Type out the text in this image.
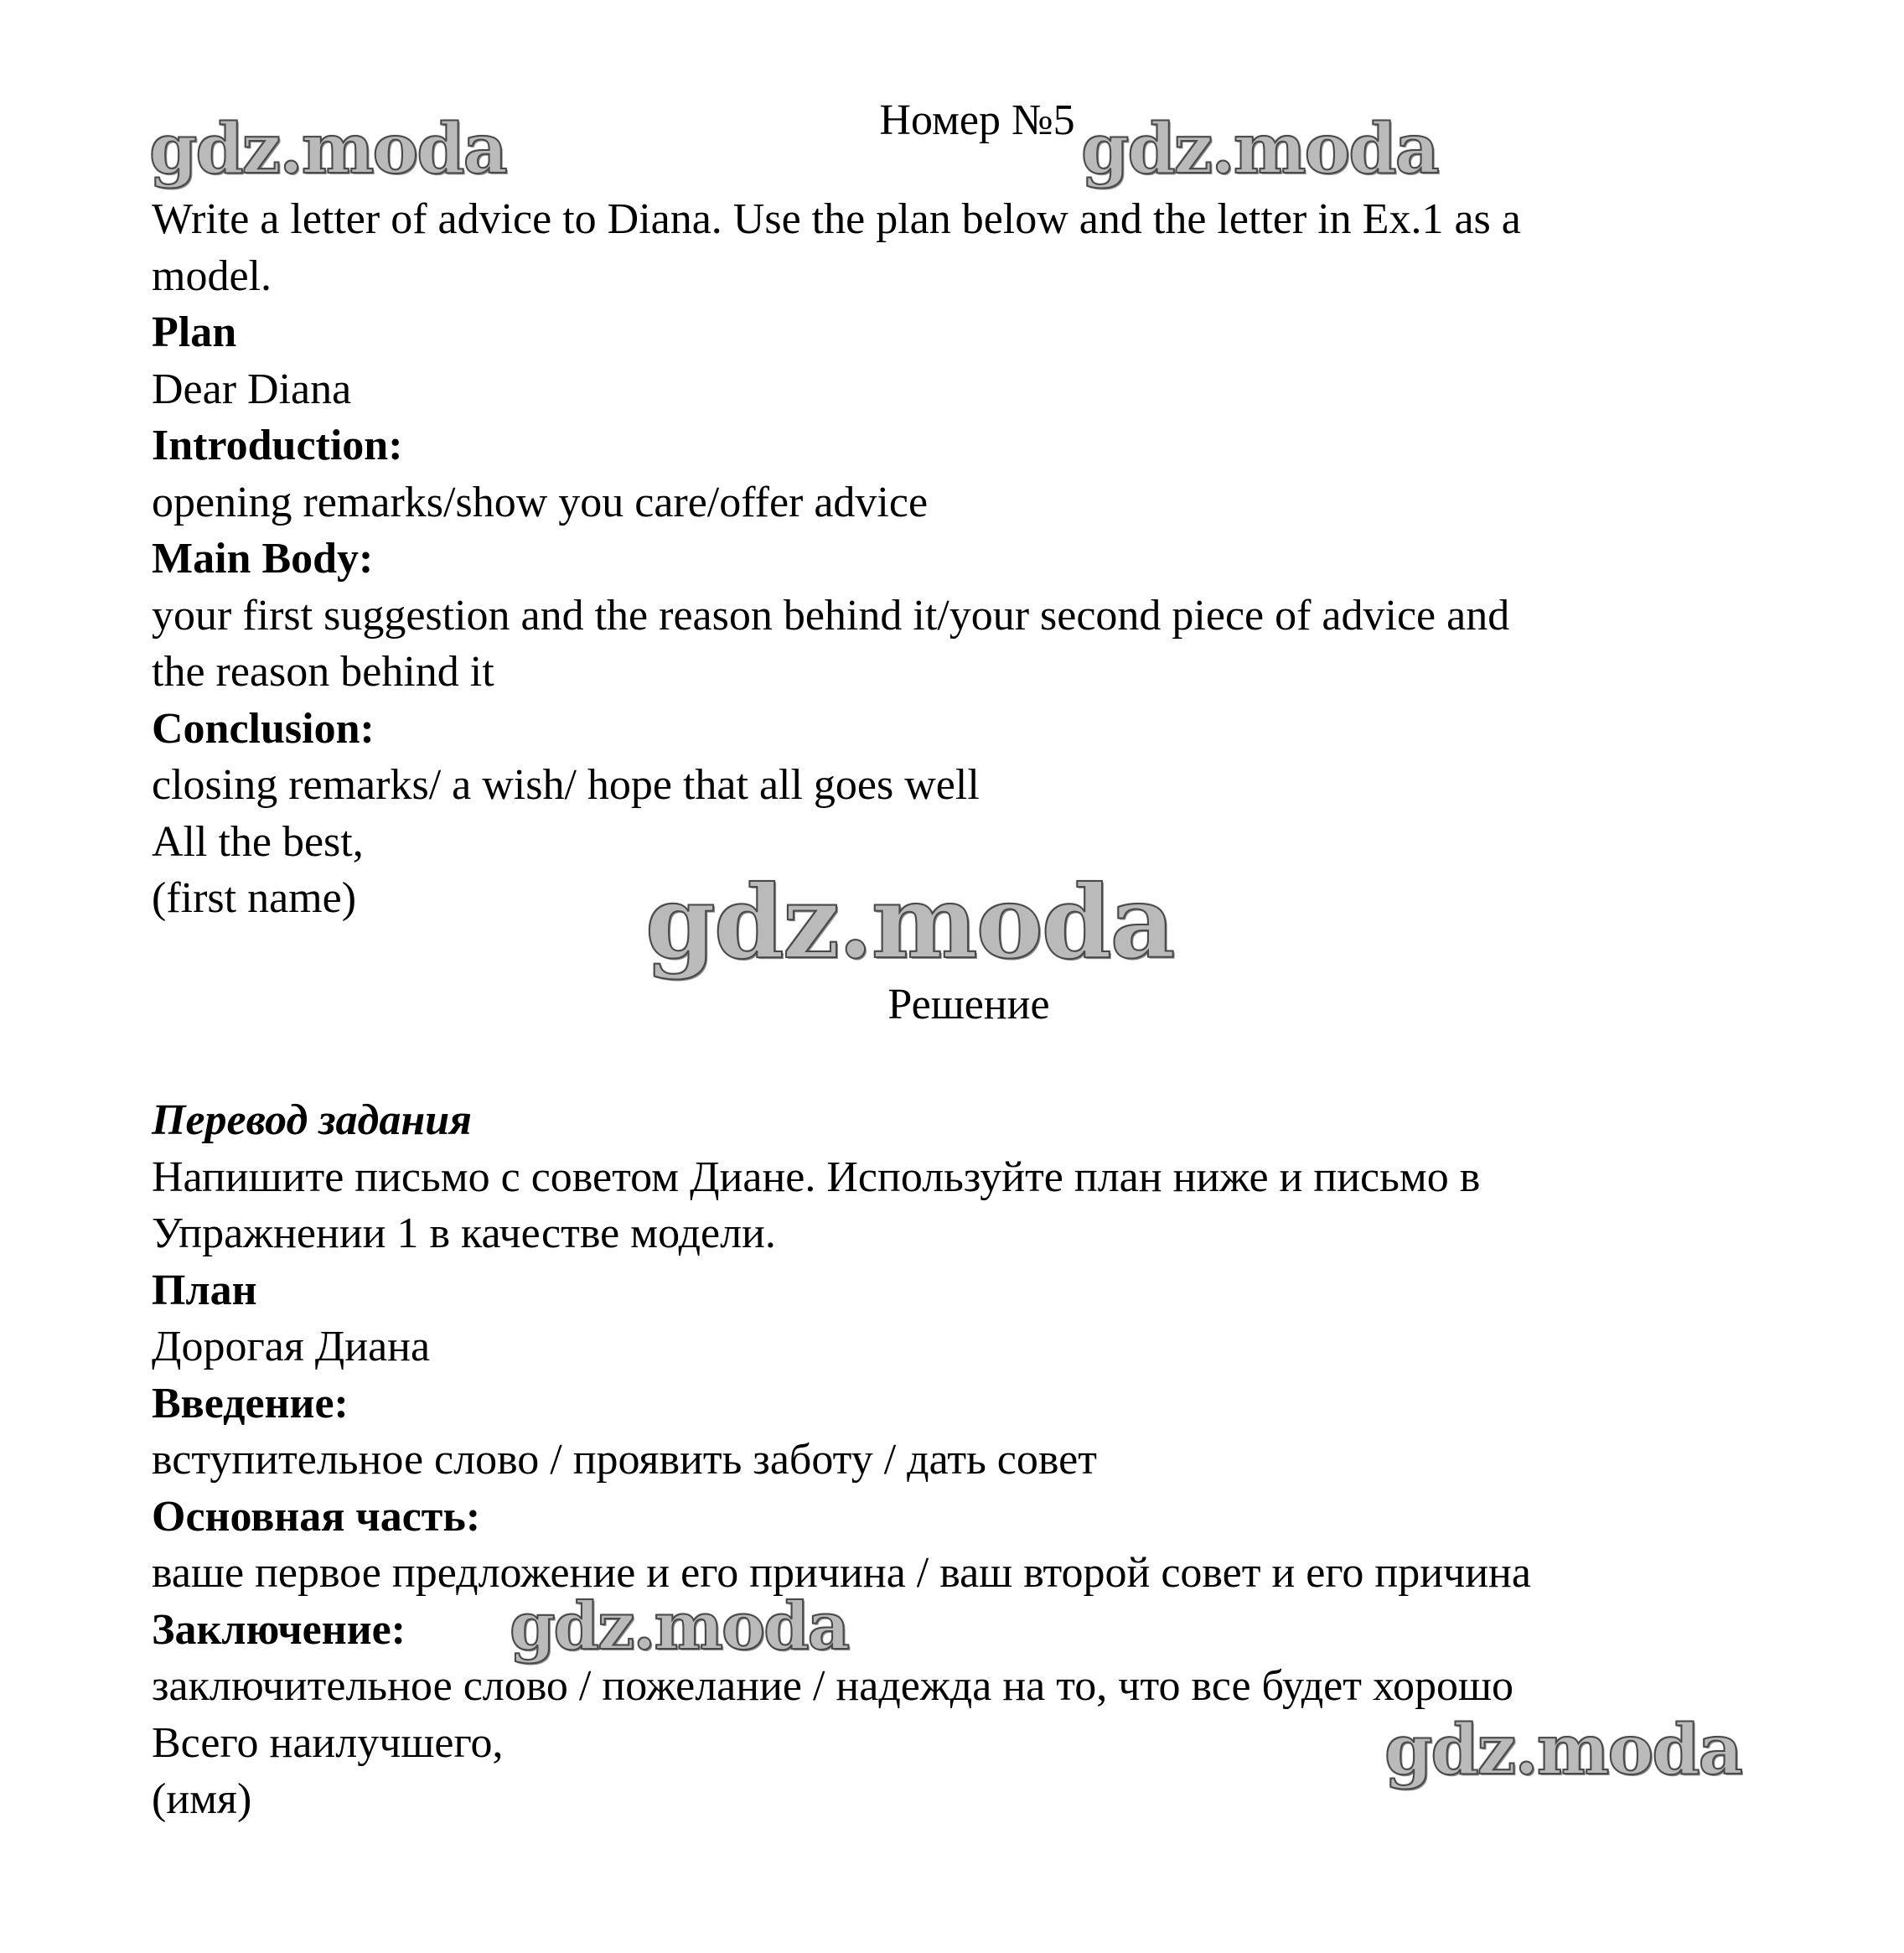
Номер №5

Write a letter of advice to Diana. Use the plan below and the letter in Ex.1 as a

model.

Plan

Dear Diana

Introduction:

opening remarks/show you care/offer advice

Main Body:

your first suggestion and the reason behind it/your second piece of advice and

the reason behind it

Conclusion:

closing remarks/ a wish/ hope that all goes well

All the best,

(first name)

Решение

Перевод задания

Напишите письмо с советом Диане. Используйте план ниже и письмо в

Упражнении 1 в качестве модели.

План

Дорогая Диана

Введение:

вступительное слово / проявить заботу / дать совет

Основная часть:

ваше первое предложение и его причина / ваш второй совет и его причина

Заключение:

заключительное слово / пожелание / надежда на то, что все будет хорошо

Всего наилучшего,

(имя)

gdz.moda	gdz.moda
gdz.moda
gdz.moda
gdz.moda
